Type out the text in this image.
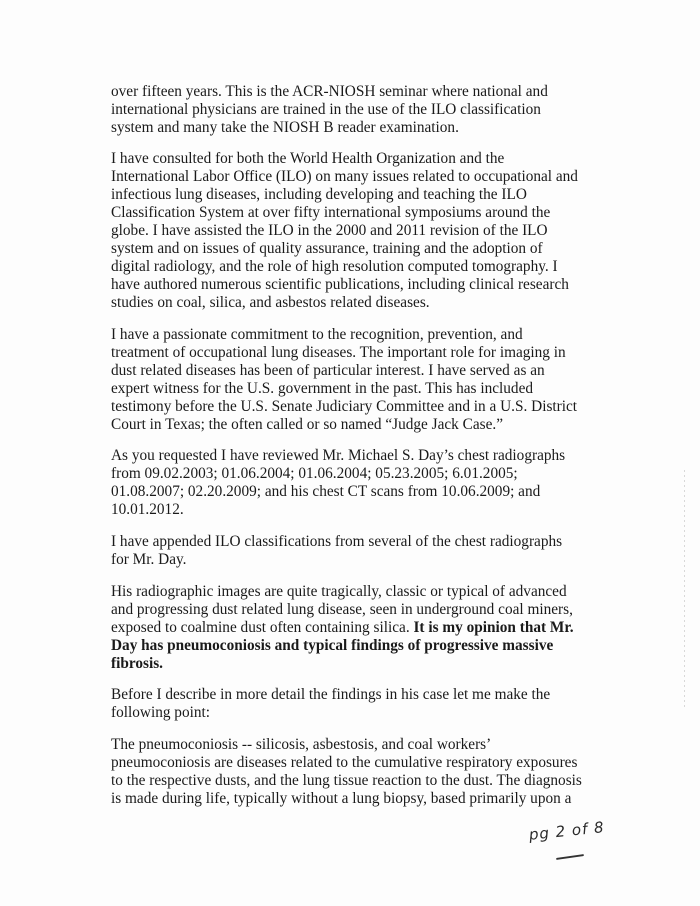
over fifteen years. This is the ACR-NIOSH seminar where national and
international physicians are trained in the use of the ILO classification
system and many take the NIOSH B reader examination.

I have consulted for both the World Health Organization and the
International Labor Office (ILO) on many issues related to occupational and
infectious lung diseases, including developing and teaching the ILO
Classification System at over fifty international symposiums around the
globe. I have assisted the ILO in the 2000 and 2011 revision of the ILO
system and on issues of quality assurance, training and the adoption of
digital radiology, and the role of high resolution computed tomography. I
have authored numerous scientific publications, including clinical research
studies on coal, silica, and asbestos related diseases.

I have a passionate commitment to the recognition, prevention, and
treatment of occupational lung diseases. The important role for imaging in
dust related diseases has been of particular interest. I have served as an
expert witness for the U.S. government in the past. This has included
testimony before the U.S. Senate Judiciary Committee and in a U.S. District
Court in Texas; the often called or so named “Judge Jack Case.”

As you requested I have reviewed Mr. Michael S. Day’s chest radiographs
from 09.02.2003; 01.06.2004; 01.06.2004; 05.23.2005; 6.01.2005;
01.08.2007; 02.20.2009; and his chest CT scans from 10.06.2009; and
10.01.2012.

I have appended ILO classifications from several of the chest radiographs
for Mr. Day.

His radiographic images are quite tragically, classic or typical of advanced
and progressing dust related lung disease, seen in underground coal miners,
exposed to coalmine dust often containing silica. It is my opinion that Mr.
Day has pneumoconiosis and typical findings of progressive massive
fibrosis.

Before I describe in more detail the findings in his case let me make the
following point:

The pneumoconiosis -- silicosis, asbestosis, and coal workers’
pneumoconiosis are diseases related to the cumulative respiratory exposures
to the respective dusts, and the lung tissue reaction to the dust. The diagnosis
is made during life, typically without a lung biopsy, based primarily upon a

pg 2 of 8
